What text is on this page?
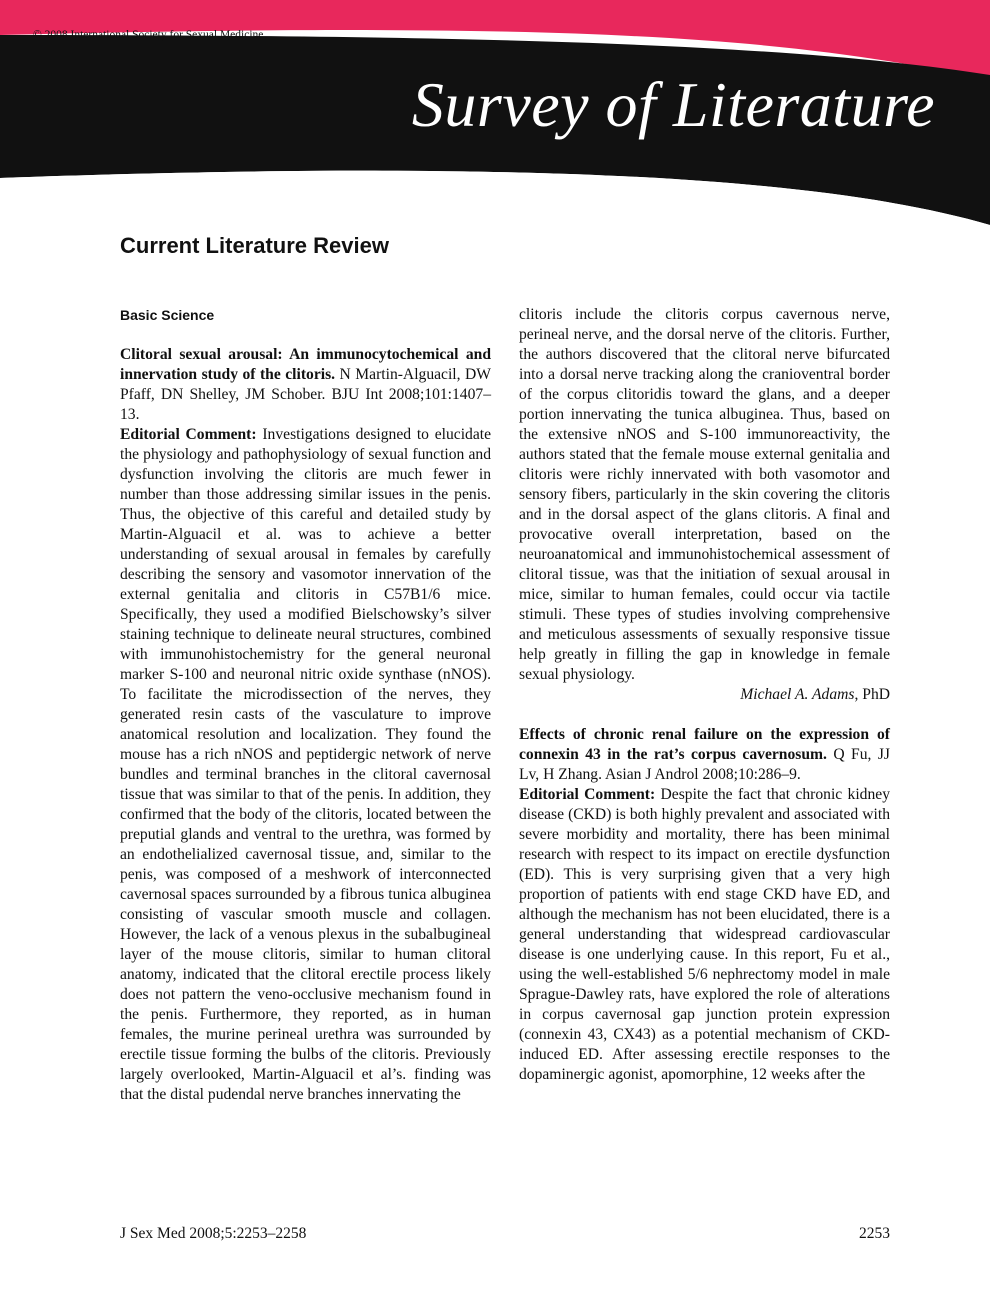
© 2008 International Society for Sexual Medicine
Survey of Literature
Current Literature Review
Basic Science

Clitoral sexual arousal: An immunocytochemical and innervation study of the clitoris. N Martin-Alguacil, DW Pfaff, DN Shelley, JM Schober. BJU Int 2008;101:1407–13.

Editorial Comment: Investigations designed to elucidate the physiology and pathophysiology of sexual function and dysfunction involving the clitoris are much fewer in number than those addressing similar issues in the penis. Thus, the objective of this careful and detailed study by Martin-Alguacil et al. was to achieve a better understanding of sexual arousal in females by carefully describing the sensory and vasomotor innervation of the external genitalia and clitoris in C57B1/6 mice. Specifically, they used a modified Bielschowsky’s silver staining technique to delineate neural structures, combined with immunohistochemistry for the general neuronal marker S-100 and neuronal nitric oxide synthase (nNOS). To facilitate the microdissection of the nerves, they generated resin casts of the vasculature to improve anatomical resolution and localization. They found the mouse has a rich nNOS and peptidergic network of nerve bundles and terminal branches in the clitoral cavernosal tissue that was similar to that of the penis. In addition, they confirmed that the body of the clitoris, located between the preputial glands and ventral to the urethra, was formed by an endothelialized cavernosal tissue, and, similar to the penis, was composed of a meshwork of interconnected cavernosal spaces surrounded by a fibrous tunica albuginea consisting of vascular smooth muscle and collagen. However, the lack of a venous plexus in the subalbugineal layer of the mouse clitoris, similar to human clitoral anatomy, indicated that the clitoral erectile process likely does not pattern the veno-occlusive mechanism found in the penis. Furthermore, they reported, as in human females, the murine perineal urethra was surrounded by erectile tissue forming the bulbs of the clitoris. Previously largely overlooked, Martin-Alguacil et al’s. finding was that the distal pudendal nerve branches innervating the

clitoris include the clitoris corpus cavernous nerve, perineal nerve, and the dorsal nerve of the clitoris. Further, the authors discovered that the clitoral nerve bifurcated into a dorsal nerve tracking along the cranioventral border of the corpus clitoridis toward the glans, and a deeper portion innervating the tunica albuginea. Thus, based on the extensive nNOS and S-100 immunoreactivity, the authors stated that the female mouse external genitalia and clitoris were richly innervated with both vasomotor and sensory fibers, particularly in the skin covering the clitoris and in the dorsal aspect of the glans clitoris. A final and provocative overall interpretation, based on the neuroanatomical and immunohistochemical assessment of clitoral tissue, was that the initiation of sexual arousal in mice, similar to human females, could occur via tactile stimuli. These types of studies involving comprehensive and meticulous assessments of sexually responsive tissue help greatly in filling the gap in knowledge in female sexual physiology.

Michael A. Adams, PhD

Effects of chronic renal failure on the expression of connexin 43 in the rat’s corpus cavernosum. Q Fu, JJ Lv, H Zhang. Asian J Androl 2008;10:286–9.

Editorial Comment: Despite the fact that chronic kidney disease (CKD) is both highly prevalent and associated with severe morbidity and mortality, there has been minimal research with respect to its impact on erectile dysfunction (ED). This is very surprising given that a very high proportion of patients with end stage CKD have ED, and although the mechanism has not been elucidated, there is a general understanding that widespread cardiovascular disease is one underlying cause. In this report, Fu et al., using the well-established 5/6 nephrectomy model in male Sprague-Dawley rats, have explored the role of alterations in corpus cavernosal gap junction protein expression (connexin 43, CX43) as a potential mechanism of CKD-induced ED. After assessing erectile responses to the dopaminergic agonist, apomorphine, 12 weeks after the

J Sex Med 2008;5:2253–2258	2253
